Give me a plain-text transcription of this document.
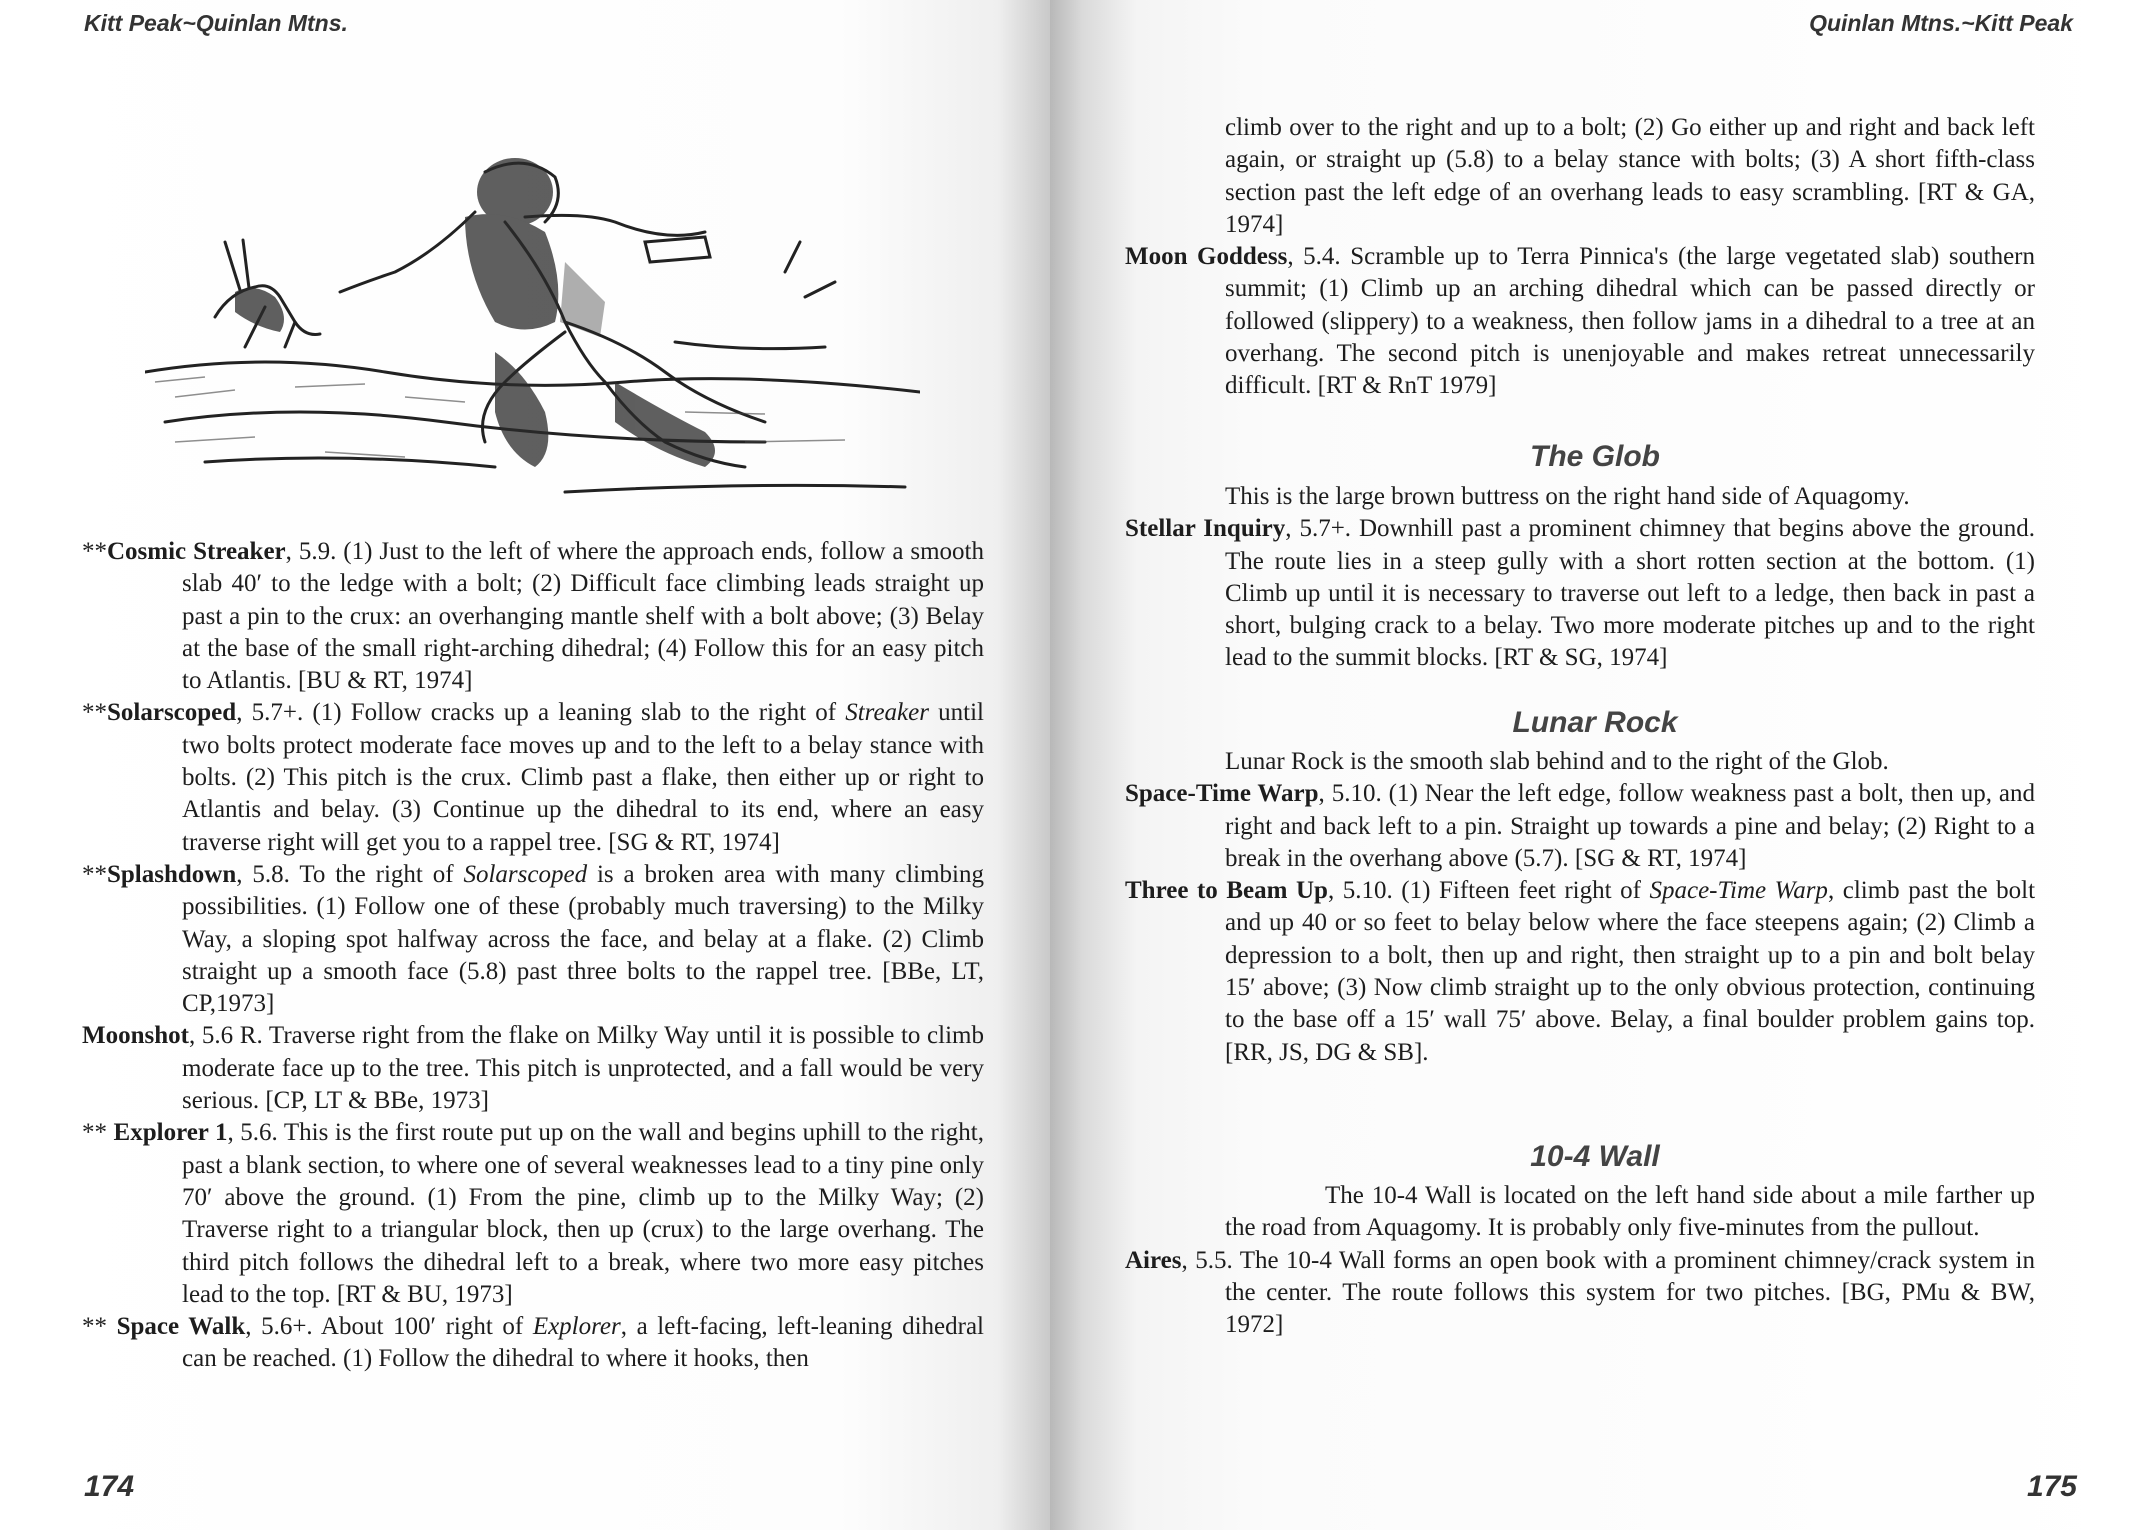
Kitt Peak~Quinlan Mtns.

**Cosmic Streaker, 5.9. (1) Just to the left of where the approach ends, follow a smooth slab 40′ to the ledge with a bolt; (2) Difficult face climbing leads straight up past a pin to the crux: an overhanging mantle shelf with a bolt above; (3) Belay at the base of the small right-arching dihedral; (4) Follow this for an easy pitch to Atlantis. [BU & RT, 1974]

**Solarscoped, 5.7+. (1) Follow cracks up a leaning slab to the right of Streaker until two bolts protect moderate face moves up and to the left to a belay stance with bolts. (2) This pitch is the crux. Climb past a flake, then either up or right to Atlantis and belay. (3) Continue up the dihedral to its end, where an easy traverse right will get you to a rappel tree. [SG & RT, 1974]

**Splashdown, 5.8. To the right of Solarscoped is a broken area with many climbing possibilities. (1) Follow one of these (probably much traversing) to the Milky Way, a sloping spot halfway across the face, and belay at a flake. (2) Climb straight up a smooth face (5.8) past three bolts to the rappel tree. [BBe, LT, CP,1973]

Moonshot, 5.6 R. Traverse right from the flake on Milky Way until it is possible to climb moderate face up to the tree. This pitch is unprotected, and a fall would be very serious. [CP, LT & BBe, 1973]

** Explorer 1, 5.6. This is the first route put up on the wall and begins uphill to the right, past a blank section, to where one of several weaknesses lead to a tiny pine only 70′ above the ground. (1) From the pine, climb up to the Milky Way; (2) Traverse right to a triangular block, then up (crux) to the large overhang. The third pitch follows the dihedral left to a break, where two more easy pitches lead to the top. [RT & BU, 1973]

** Space Walk, 5.6+. About 100′ right of Explorer, a left-facing, left-leaning dihedral can be reached. (1) Follow the dihedral to where it hooks, then

174
Quinlan Mtns.~Kitt Peak
175

climb over to the right and up to a bolt; (2) Go either up and right and back left again, or straight up (5.8) to a belay stance with bolts; (3) A short fifth-class section past the left edge of an overhang leads to easy scrambling. [RT & GA, 1974]

Moon Goddess, 5.4. Scramble up to Terra Pinnica's (the large vegetated slab) southern summit; (1) Climb up an arching dihedral which can be passed directly or followed (slippery) to a weakness, then follow jams in a dihedral to a tree at an overhang. The second pitch is unenjoyable and makes retreat unnecessarily difficult. [RT & RnT 1979]

The Glob

This is the large brown buttress on the right hand side of Aquagomy.

Stellar Inquiry, 5.7+. Downhill past a prominent chimney that begins above the ground. The route lies in a steep gully with a short rotten section at the bottom. (1) Climb up until it is necessary to traverse out left to a ledge, then back in past a short, bulging crack to a belay. Two more moderate pitches up and to the right lead to the summit blocks. [RT & SG, 1974]

Lunar Rock

Lunar Rock is the smooth slab behind and to the right of the Glob.

Space-Time Warp, 5.10. (1) Near the left edge, follow weakness past a bolt, then up, and right and back left to a pin. Straight up towards a pine and belay; (2) Right to a break in the overhang above (5.7). [SG & RT, 1974]

Three to Beam Up, 5.10. (1) Fifteen feet right of Space-Time Warp, climb past the bolt and up 40 or so feet to belay below where the face steepens again; (2) Climb a depression to a bolt, then up and right, then straight up to a pin and bolt belay 15′ above; (3) Now climb straight up to the only obvious protection, continuing to the base off a 15′ wall 75′ above. Belay, a final boulder problem gains top. [RR, JS, DG & SB].

10-4 Wall

The 10-4 Wall is located on the left hand side about a mile farther up the road from Aquagomy. It is probably only five-minutes from the pullout.

Aires, 5.5. The 10-4 Wall forms an open book with a prominent chimney/crack system in the center. The route follows this system for two pitches. [BG, PMu & BW, 1972]
